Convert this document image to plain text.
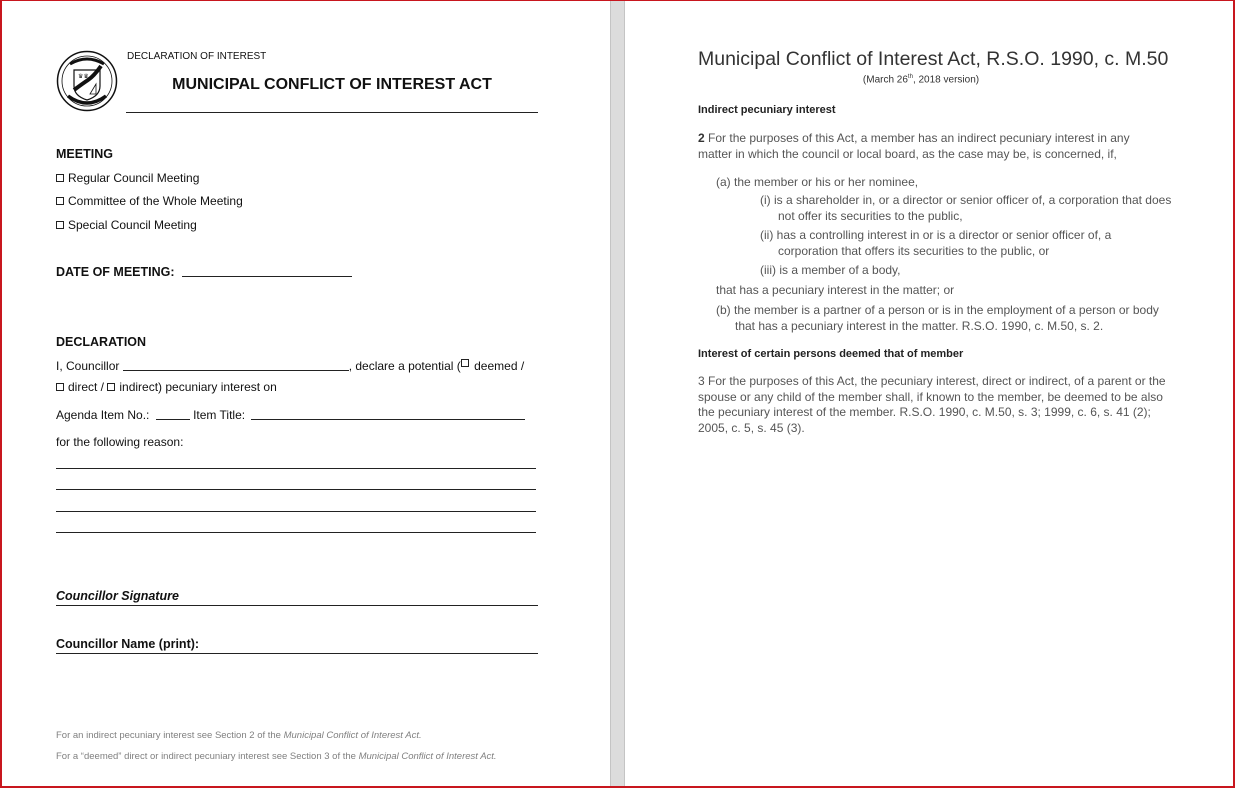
♛♛
DECLARATION OF INTEREST
MUNICIPAL CONFLICT OF INTEREST ACT
MEETING
Regular Council Meeting
Committee of the Whole Meeting
Special Council Meeting
DATE OF MEETING:
DECLARATION
I, Councillor	, declare a potential ( deemed /
direct / indirect) pecuniary interest on
Agenda Item No.:	Item Title:
for the following reason:
Councillor Signature
Councillor Name (print):
For an indirect pecuniary interest see Section 2 of the Municipal Conflict of Interest Act.
For a “deemed” direct or indirect pecuniary interest see Section 3 of the Municipal Conflict of Interest Act.
Municipal Conflict of Interest Act, R.S.O. 1990, c. M.50
(March 26th, 2018 version)
Indirect pecuniary interest
2 For the purposes of this Act, a member has an indirect pecuniary interest in any matter in which the council or local board, as the case may be, is concerned, if,
(a) the member or his or her nominee,
(i) is a shareholder in, or a director or senior officer of, a corporation that does not offer its securities to the public,
(ii) has a controlling interest in or is a director or senior officer of, a corporation that offers its securities to the public, or
(iii) is a member of a body,
that has a pecuniary interest in the matter; or
(b) the member is a partner of a person or is in the employment of a person or body that has a pecuniary interest in the matter. R.S.O. 1990, c. M.50, s. 2.
Interest of certain persons deemed that of member
3 For the purposes of this Act, the pecuniary interest, direct or indirect, of a parent or the spouse or any child of the member shall, if known to the member, be deemed to be also the pecuniary interest of the member. R.S.O. 1990, c. M.50, s. 3; 1999, c. 6, s. 41 (2); 2005, c. 5, s. 45 (3).
